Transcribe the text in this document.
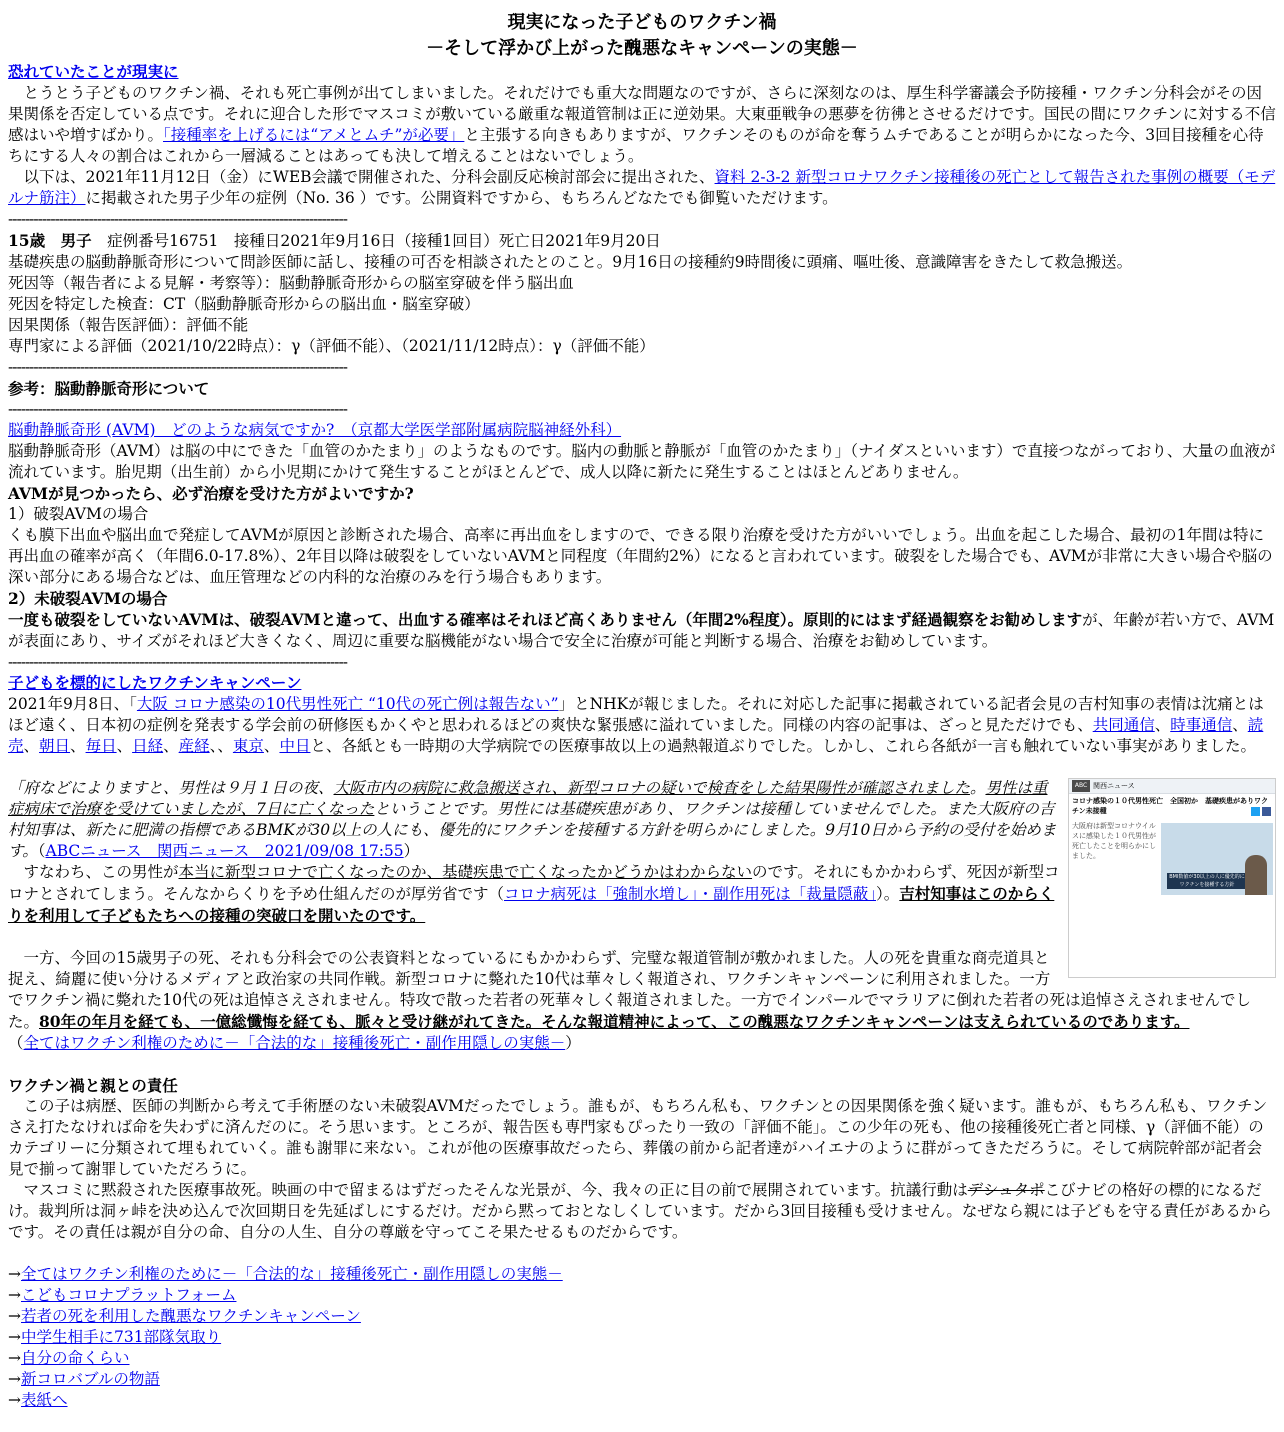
現実になった子どものワクチン禍
－そして浮かび上がった醜悪なキャンペーンの実態－

恐れていたことが現実に

　とうとう子どものワクチン禍、それも死亡事例が出てしまいました。それだけでも重大な問題なのですが、さらに深刻なのは、厚生科学審議会予防接種・ワクチン分科会がその因果関係を否定している点です。それに迎合した形でマスコミが敷いている厳重な報道管制は正に逆効果。大東亜戦争の悪夢を彷彿とさせるだけです。国民の間にワクチンに対する不信感はいや増すばかり。「接種率を上げるには“アメとムチ”が必要」と主張する向きもありますが、ワクチンそのものが命を奪うムチであることが明らかになった今、3回目接種を心待ちにする人々の割合はこれから一層減ることはあっても決して増えることはないでしょう。

　以下は、2021年11月12日（金）にWEB会議で開催された、分科会副反応検討部会に提出された、資料 2-3-2 新型コロナワクチン接種後の死亡として報告された事例の概要（モデルナ筋注）に掲載された男子少年の症例（No. 36 ）です。公開資料ですから、もちろんどなたでも御覧いただけます。

--------------------------------------------------------------------------------

15歳　男子　症例番号16751　接種日2021年9月16日（接種1回目）死亡日2021年9月20日

基礎疾患の脳動静脈奇形について問診医師に話し、接種の可否を相談されたとのこと。9月16日の接種約9時間後に頭痛、嘔吐後、意識障害をきたして救急搬送。

死因等（報告者による見解・考察等）：脳動静脈奇形からの脳室穿破を伴う脳出血

死因を特定した検査：CT（脳動静脈奇形からの脳出血・脳室穿破）

因果関係（報告医評価）：評価不能

専門家による評価（2021/10/22時点）：γ（評価不能）、（2021/11/12時点）：γ（評価不能）

--------------------------------------------------------------------------------

参考：脳動静脈奇形について

--------------------------------------------------------------------------------

脳動静脈奇形 (AVM)　どのような病気ですか?　（京都大学医学部附属病院脳神経外科）

脳動静脈奇形（AVM）は脳の中にできた「血管のかたまり」のようなものです。脳内の動脈と静脈が「血管のかたまり」（ナイダスといいます）で直接つながっており、大量の血液が流れています。胎児期（出生前）から小児期にかけて発生することがほとんどで、成人以降に新たに発生することはほとんどありません。

AVMが見つかったら、必ず治療を受けた方がよいですか?

1）破裂AVMの場合

くも膜下出血や脳出血で発症してAVMが原因と診断された場合、高率に再出血をしますので、できる限り治療を受けた方がいいでしょう。出血を起こした場合、最初の1年間は特に再出血の確率が高く（年間6.0-17.8%）、2年目以降は破裂をしていないAVMと同程度（年間約2%）になると言われています。破裂をした場合でも、AVMが非常に大きい場合や脳の深い部分にある場合などは、血圧管理などの内科的な治療のみを行う場合もあります。

2）未破裂AVMの場合

一度も破裂をしていないAVMは、破裂AVMと違って、出血する確率はそれほど高くありません（年間2%程度）。原則的にはまず経過観察をお勧めしますが、年齢が若い方で、AVMが表面にあり、サイズがそれほど大きくなく、周辺に重要な脳機能がない場合で安全に治療が可能と判断する場合、治療をお勧めしています。

--------------------------------------------------------------------------------

子どもを標的にしたワクチンキャンペーン

2021年9月8日、「大阪 コロナ感染の10代男性死亡 “10代の死亡例は報告ない”」とNHKが報じました。それに対応した記事に掲載されている記者会見の吉村知事の表情は沈痛とはほど遠く、日本初の症例を発表する学会前の研修医もかくやと思われるほどの爽快な緊張感に溢れていました。同様の内容の記事は、ざっと見ただけでも、共同通信、時事通信、読売、朝日、毎日、日経、産経、、東京、中日と、各紙とも一時期の大学病院での医療事故以上の過熱報道ぶりでした。しかし、これら各紙が一言も触れていない事実がありました。

ABC 関西ニュース
コロナ感染の１０代男性死亡　全国初か　基礎疾患がありワクチン未接種
大阪府は新型コロナウイルスに感染した１０代男性が死亡したことを明らかにしました。
BMI数値が30以上の人に優先的にワクチンを接種する方針

「府などによりますと、男性は９月１日の夜、大阪市内の病院に救急搬送され、新型コロナの疑いで検査をした結果陽性が確認されました。男性は重症病床で治療を受けていましたが、7日に亡くなったということです。男性には基礎疾患があり、ワクチンは接種していませんでした。また大阪府の吉村知事は、新たに肥満の指標であるBMKが30以上の人にも、優先的にワクチンを接種する方針を明らかにしました。9月10日から予約の受付を始めます。（ABCニュース　関西ニュース　2021/09/08 17:55）

　すなわち、この男性が本当に新型コロナで亡くなったのか、基礎疾患で亡くなったかどうかはわからないのです。それにもかかわらず、死因が新型コロナとされてしまう。そんなからくりを予め仕組んだのが厚労省です（コロナ病死は「強制水増し」・副作用死は「裁量隠蔽」）。吉村知事はこのからくりを利用して子どもたちへの接種の突破口を開いたのです。

　一方、今回の15歳男子の死、それも分科会での公表資料となっているにもかかわらず、完璧な報道管制が敷かれました。人の死を貴重な商売道具と捉え、綺麗に使い分けるメディアと政治家の共同作戦。新型コロナに斃れた10代は華々しく報道され、ワクチンキャンペーンに利用されました。一方でワクチン禍に斃れた10代の死は追悼さえされません。特攻で散った若者の死華々しく報道されました。一方でインパールでマラリアに倒れた若者の死は追悼さえされませんでした。80年の年月を経ても、一億総懺悔を経ても、脈々と受け継がれてきた。そんな報道精神によって、この醜悪なワクチンキャンペーンは支えられているのであります。

（全てはワクチン利権のために－「合法的な」接種後死亡・副作用隠しの実態－）

ワクチン禍と親との責任

　この子は病歴、医師の判断から考えて手術歴のない未破裂AVMだったでしょう。誰もが、もちろん私も、ワクチンとの因果関係を強く疑います。誰もが、もちろん私も、ワクチンさえ打たなければ命を失わずに済んだのに。そう思います。ところが、報告医も専門家もぴったり一致の「評価不能」。この少年の死も、他の接種後死亡者と同様、γ（評価不能）のカテゴリーに分類されて埋もれていく。誰も謝罪に来ない。これが他の医療事故だったら、葬儀の前から記者達がハイエナのように群がってきただろうに。そして病院幹部が記者会見で揃って謝罪していただろうに。

　マスコミに黙殺された医療事故死。映画の中で留まるはずだったそんな光景が、今、我々の正に目の前で展開されています。抗議行動はデシュタポこびナビの格好の標的になるだけ。裁判所は洞ヶ峠を決め込んで次回期日を先延ばしにするだけ。だから黙っておとなしくしています。だから3回目接種も受けません。なぜなら親には子どもを守る責任があるからです。その責任は親が自分の命、自分の人生、自分の尊厳を守ってこそ果たせるものだからです。

→全てはワクチン利権のために－「合法的な」接種後死亡・副作用隠しの実態－

→こどもコロナプラットフォーム

→若者の死を利用した醜悪なワクチンキャンペーン

→中学生相手に731部隊気取り

→自分の命くらい

→新コロバブルの物語

→表紙へ
